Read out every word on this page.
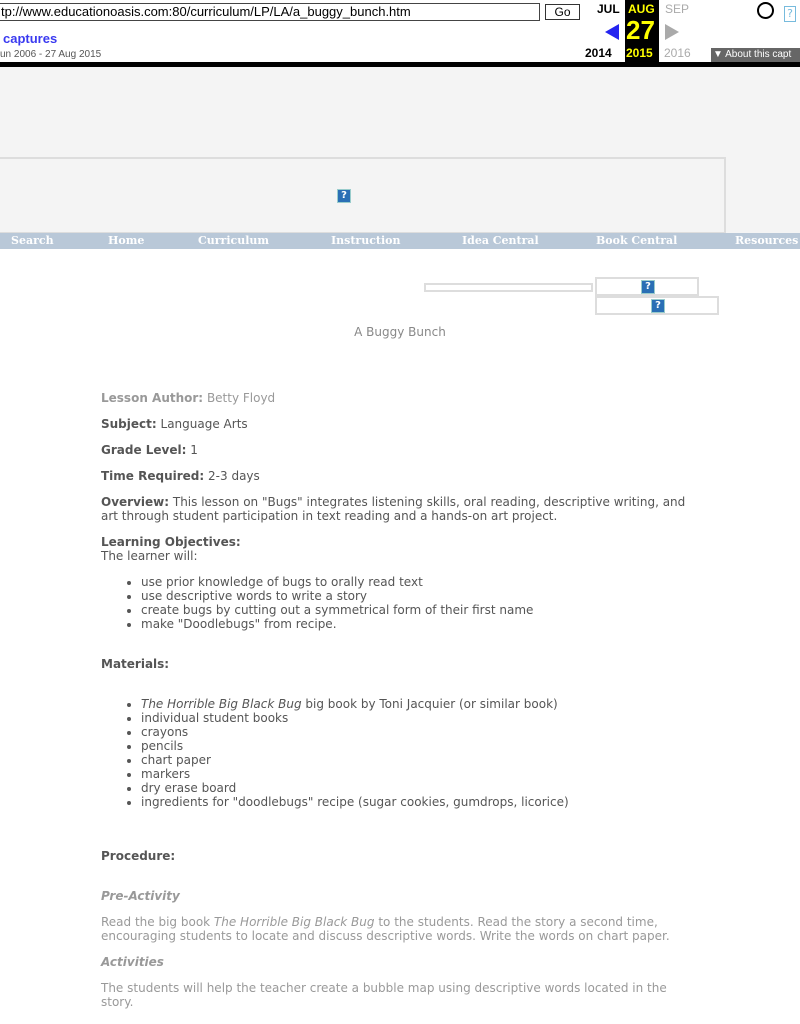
tp://www.educationoasis.com:80/curriculum/LP/LA/a_buggy_bunch.htm	Go	JUL AUG
27
SEP
2014 2015 2016
captures
un 2006 - 27 Aug 2015
?
▼ About this capt
?
Search	Home	Curriculum	Instruction	Idea Central	Book Central	Resources
?
?
A Buggy Bunch

Lesson Author: Betty Floyd

Subject: Language Arts

Grade Level: 1

Time Required: 2-3 days

Overview: This lesson on "Bugs" integrates listening skills, oral reading, descriptive writing, and art through student participation in text reading and a hands-on art project.

Learning Objectives:
The learner will:
• use prior knowledge of bugs to orally read text
• use descriptive words to write a story
• create bugs by cutting out a symmetrical form of their first name
• make "Doodlebugs" from recipe.
Materials:
• The Horrible Big Black Bug big book by Toni Jacquier (or similar book)
• individual student books
• crayons
• pencils
• chart paper
• markers
• dry erase board
• ingredients for "doodlebugs" recipe (sugar cookies, gumdrops, licorice)
Procedure:
Pre-Activity

Read the big book The Horrible Big Black Bug to the students. Read the story a second time, encouraging students to locate and discuss descriptive words. Write the words on chart paper.

Activities

The students will help the teacher create a bubble map using descriptive words located in the story.
